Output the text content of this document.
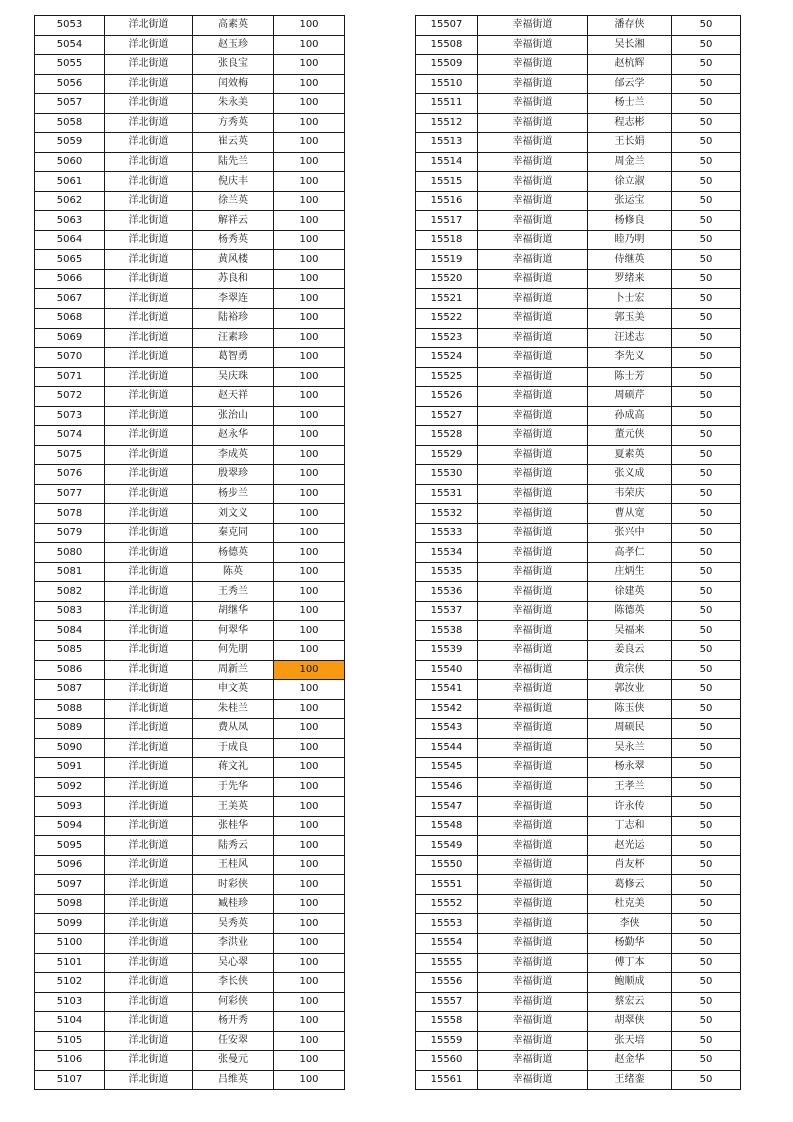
5053	洋北街道	高素英	100
5054	洋北街道	赵玉珍	100
5055	洋北街道	张良宝	100
5056	洋北街道	闰效梅	100
5057	洋北街道	朱永美	100
5058	洋北街道	方秀英	100
5059	洋北街道	崔云英	100
5060	洋北街道	陆先兰	100
5061	洋北街道	倪庆丰	100
5062	洋北街道	徐兰英	100
5063	洋北街道	解祥云	100
5064	洋北街道	杨秀英	100
5065	洋北街道	黄风楼	100
5066	洋北街道	苏良和	100
5067	洋北街道	李翠连	100
5068	洋北街道	陆裕珍	100
5069	洋北街道	汪素珍	100
5070	洋北街道	葛智勇	100
5071	洋北街道	吴庆珠	100
5072	洋北街道	赵天祥	100
5073	洋北街道	张治山	100
5074	洋北街道	赵永华	100
5075	洋北街道	李成英	100
5076	洋北街道	殷翠珍	100
5077	洋北街道	杨步兰	100
5078	洋北街道	刘文义	100
5079	洋北街道	秦克同	100
5080	洋北街道	杨德英	100
5081	洋北街道	陈英	100
5082	洋北街道	王秀兰	100
5083	洋北街道	胡继华	100
5084	洋北街道	何翠华	100
5085	洋北街道	何先朋	100
5086	洋北街道	周新兰	100
5087	洋北街道	申文英	100
5088	洋北街道	朱桂兰	100
5089	洋北街道	费从凤	100
5090	洋北街道	于成良	100
5091	洋北街道	蒋文礼	100
5092	洋北街道	于先华	100
5093	洋北街道	王美英	100
5094	洋北街道	张桂华	100
5095	洋北街道	陆秀云	100
5096	洋北街道	王桂风	100
5097	洋北街道	时彩侠	100
5098	洋北街道	臧桂珍	100
5099	洋北街道	吴秀英	100
5100	洋北街道	李洪业	100
5101	洋北街道	吴心翠	100
5102	洋北街道	李长侠	100
5103	洋北街道	何彩侠	100
5104	洋北街道	杨开秀	100
5105	洋北街道	任安翠	100
5106	洋北街道	张曼元	100
5107	洋北街道	吕维英	100
15507	幸福街道	潘存侠	50
15508	幸福街道	吴长湘	50
15509	幸福街道	赵杭辉	50
15510	幸福街道	邰云学	50
15511	幸福街道	杨士兰	50
15512	幸福街道	程志彬	50
15513	幸福街道	王长娟	50
15514	幸福街道	周金兰	50
15515	幸福街道	徐立淑	50
15516	幸福街道	张运宝	50
15517	幸福街道	杨修良	50
15518	幸福街道	睦乃明	50
15519	幸福街道	侍继英	50
15520	幸福街道	罗绪来	50
15521	幸福街道	卜士宏	50
15522	幸福街道	郭玉美	50
15523	幸福街道	汪述志	50
15524	幸福街道	李先义	50
15525	幸福街道	陈士芳	50
15526	幸福街道	周硕芹	50
15527	幸福街道	孙成高	50
15528	幸福街道	董元侠	50
15529	幸福街道	夏素英	50
15530	幸福街道	张义成	50
15531	幸福街道	韦荣庆	50
15532	幸福街道	曹从宽	50
15533	幸福街道	张兴中	50
15534	幸福街道	高孝仁	50
15535	幸福街道	庄炳生	50
15536	幸福街道	徐建英	50
15537	幸福街道	陈德英	50
15538	幸福街道	吴福来	50
15539	幸福街道	姜良云	50
15540	幸福街道	黄宗侠	50
15541	幸福街道	郭汝业	50
15542	幸福街道	陈玉侠	50
15543	幸福街道	周硕民	50
15544	幸福街道	吴永兰	50
15545	幸福街道	杨永翠	50
15546	幸福街道	王孝兰	50
15547	幸福街道	许永传	50
15548	幸福街道	丁志和	50
15549	幸福街道	赵光运	50
15550	幸福街道	肖友杯	50
15551	幸福街道	葛修云	50
15552	幸福街道	杜克美	50
15553	幸福街道	李侠	50
15554	幸福街道	杨勤华	50
15555	幸福街道	傅丁本	50
15556	幸福街道	鲍顺成	50
15557	幸福街道	蔡宏云	50
15558	幸福街道	胡翠侠	50
15559	幸福街道	张天培	50
15560	幸福街道	赵金华	50
15561	幸福街道	王绪銮	50
